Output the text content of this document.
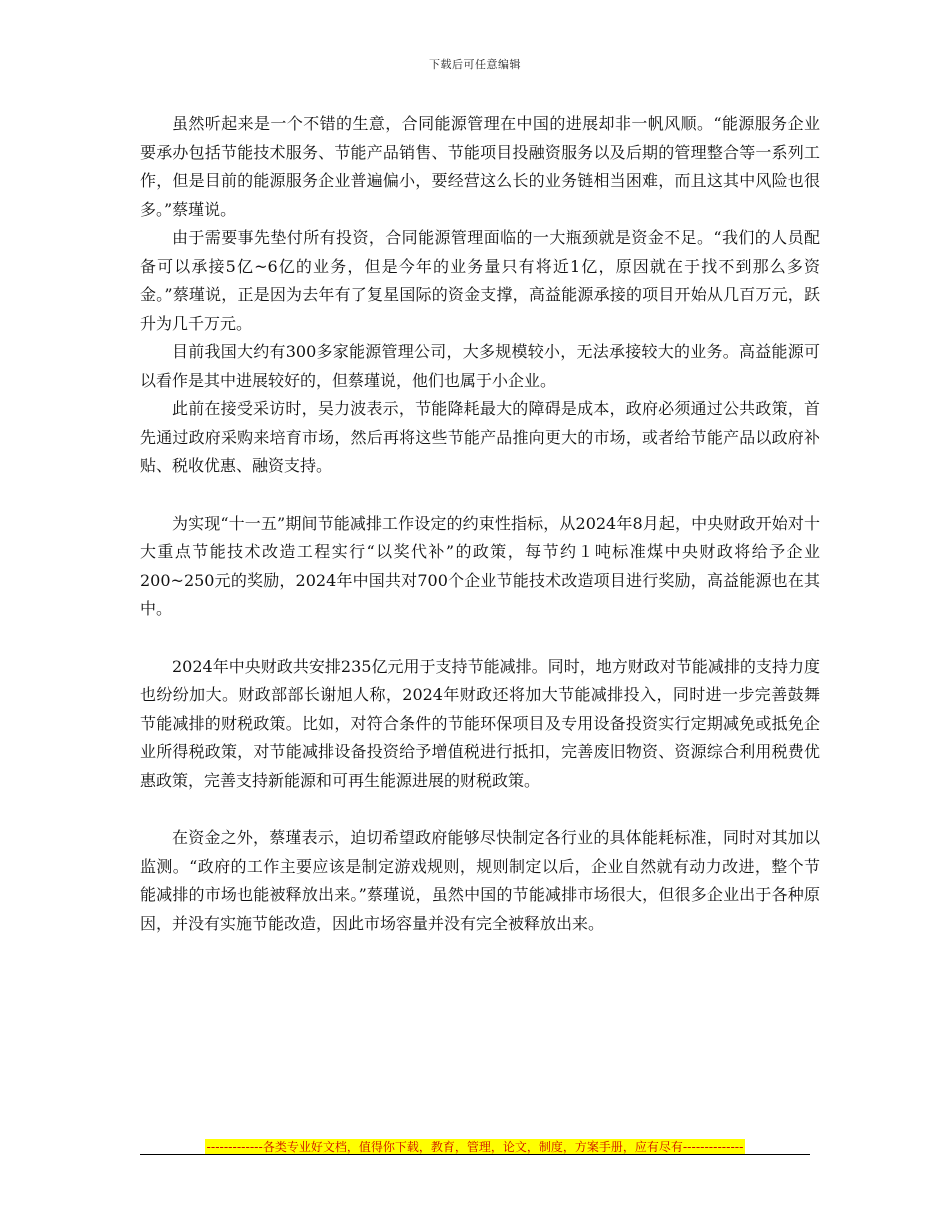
下载后可任意编辑

虽然听起来是一个不错的生意，合同能源管理在中国的进展却非一帆风顺。“能源服务企业要承办包括节能技术服务、节能产品销售、节能项目投融资服务以及后期的管理整合等一系列工作，但是目前的能源服务企业普遍偏小，要经营这么长的业务链相当困难，而且这其中风险也很多。”蔡瑾说。

由于需要事先垫付所有投资，合同能源管理面临的一大瓶颈就是资金不足。“我们的人员配备可以承接5亿~6亿的业务，但是今年的业务量只有将近1亿，原因就在于找不到那么多资金。”蔡瑾说，正是因为去年有了复星国际的资金支撑，高益能源承接的项目开始从几百万元，跃升为几千万元。

目前我国大约有300多家能源管理公司，大多规模较小，无法承接较大的业务。高益能源可以看作是其中进展较好的，但蔡瑾说，他们也属于小企业。

此前在接受采访时，吴力波表示，节能降耗最大的障碍是成本，政府必须通过公共政策，首先通过政府采购来培育市场，然后再将这些节能产品推向更大的市场，或者给节能产品以政府补贴、税收优惠、融资支持。

为实现“十一五”期间节能减排工作设定的约束性指标，从2024年8月起，中央财政开始对十大重点节能技术改造工程实行“以奖代补”的政策，每节约１吨标准煤中央财政将给予企业200~250元的奖励，2024年中国共对700个企业节能技术改造项目进行奖励，高益能源也在其中。

2024年中央财政共安排235亿元用于支持节能减排。同时，地方财政对节能减排的支持力度也纷纷加大。财政部部长谢旭人称，2024年财政还将加大节能减排投入，同时进一步完善鼓舞节能减排的财税政策。比如，对符合条件的节能环保项目及专用设备投资实行定期减免或抵免企业所得税政策，对节能减排设备投资给予增值税进行抵扣，完善废旧物资、资源综合利用税费优惠政策，完善支持新能源和可再生能源进展的财税政策。

在资金之外，蔡瑾表示，迫切希望政府能够尽快制定各行业的具体能耗标准，同时对其加以监测。“政府的工作主要应该是制定游戏规则，规则制定以后，企业自然就有动力改进，整个节能减排的市场也能被释放出来。”蔡瑾说，虽然中国的节能减排市场很大，但很多企业出于各种原因，并没有实施节能改造，因此市场容量并没有完全被释放出来。

-------------各类专业好文档，值得你下载，教育，管理，论文，制度，方案手册，应有尽有--------------
